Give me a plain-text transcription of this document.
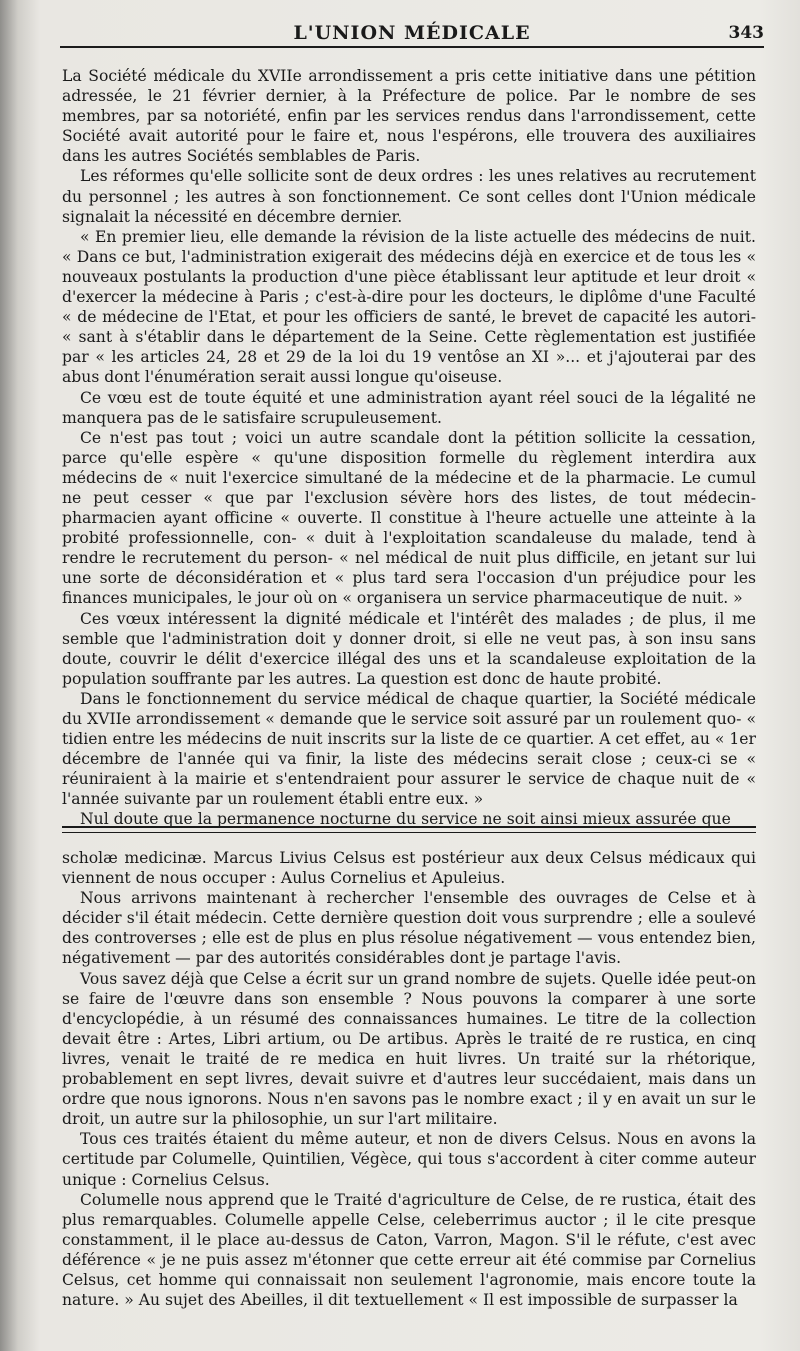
L'UNION MÉDICALE	343

La Société médicale du XVIIe arrondissement a pris cette initiative dans une pétition adressée, le 21 février dernier, à la Préfecture de police. Par le nombre de ses membres, par sa notoriété, enfin par les services rendus dans l'arrondissement, cette Société avait autorité pour le faire et, nous l'espérons, elle trouvera des auxiliaires dans les autres Sociétés semblables de Paris.

Les réformes qu'elle sollicite sont de deux ordres : les unes relatives au recrutement du personnel ; les autres à son fonctionnement. Ce sont celles dont l'Union médicale signalait la nécessité en décembre dernier.

« En premier lieu, elle demande la révision de la liste actuelle des médecins de nuit. « Dans ce but, l'administration exigerait des médecins déjà en exercice et de tous les « nouveaux postulants la production d'une pièce établissant leur aptitude et leur droit « d'exercer la médecine à Paris ; c'est-à-dire pour les docteurs, le diplôme d'une Faculté « de médecine de l'Etat, et pour les officiers de santé, le brevet de capacité les autori- « sant à s'établir dans le département de la Seine. Cette règlementation est justifiée par « les articles 24, 28 et 29 de la loi du 19 ventôse an XI »... et j'ajouterai par des abus dont l'énumération serait aussi longue qu'oiseuse.

Ce vœu est de toute équité et une administration ayant réel souci de la légalité ne manquera pas de le satisfaire scrupuleusement.

Ce n'est pas tout ; voici un autre scandale dont la pétition sollicite la cessation, parce qu'elle espère « qu'une disposition formelle du règlement interdira aux médecins de « nuit l'exercice simultané de la médecine et de la pharmacie. Le cumul ne peut cesser « que par l'exclusion sévère hors des listes, de tout médecin-pharmacien ayant officine « ouverte. Il constitue à l'heure actuelle une atteinte à la probité professionnelle, con- « duit à l'exploitation scandaleuse du malade, tend à rendre le recrutement du person- « nel médical de nuit plus difficile, en jetant sur lui une sorte de déconsidération et « plus tard sera l'occasion d'un préjudice pour les finances municipales, le jour où on « organisera un service pharmaceutique de nuit. »

Ces vœux intéressent la dignité médicale et l'intérêt des malades ; de plus, il me semble que l'administration doit y donner droit, si elle ne veut pas, à son insu sans doute, couvrir le délit d'exercice illégal des uns et la scandaleuse exploitation de la population souffrante par les autres. La question est donc de haute probité.

Dans le fonctionnement du service médical de chaque quartier, la Société médicale du XVIIe arrondissement « demande que le service soit assuré par un roulement quo- « tidien entre les médecins de nuit inscrits sur la liste de ce quartier. A cet effet, au « 1er décembre de l'année qui va finir, la liste des médecins serait close ; ceux-ci se « réuniraient à la mairie et s'entendraient pour assurer le service de chaque nuit de « l'année suivante par un roulement établi entre eux. »

Nul doute que la permanence nocturne du service ne soit ainsi mieux assurée que

scholæ medicinæ. Marcus Livius Celsus est postérieur aux deux Celsus médicaux qui viennent de nous occuper : Aulus Cornelius et Apuleius.

Nous arrivons maintenant à rechercher l'ensemble des ouvrages de Celse et à décider s'il était médecin. Cette dernière question doit vous surprendre ; elle a soulevé des controverses ; elle est de plus en plus résolue négativement — vous entendez bien, négativement — par des autorités considérables dont je partage l'avis.

Vous savez déjà que Celse a écrit sur un grand nombre de sujets. Quelle idée peut-on se faire de l'œuvre dans son ensemble ? Nous pouvons la comparer à une sorte d'encyclopédie, à un résumé des connaissances humaines. Le titre de la collection devait être : Artes, Libri artium, ou De artibus. Après le traité de re rustica, en cinq livres, venait le traité de re medica en huit livres. Un traité sur la rhétorique, probablement en sept livres, devait suivre et d'autres leur succédaient, mais dans un ordre que nous ignorons. Nous n'en savons pas le nombre exact ; il y en avait un sur le droit, un autre sur la philosophie, un sur l'art militaire.

Tous ces traités étaient du même auteur, et non de divers Celsus. Nous en avons la certitude par Columelle, Quintilien, Végèce, qui tous s'accordent à citer comme auteur unique : Cornelius Celsus.

Columelle nous apprend que le Traité d'agriculture de Celse, de re rustica, était des plus remarquables. Columelle appelle Celse, celeberrimus auctor ; il le cite presque constamment, il le place au-dessus de Caton, Varron, Magon. S'il le réfute, c'est avec déférence « je ne puis assez m'étonner que cette erreur ait été commise par Cornelius Celsus, cet homme qui connaissait non seulement l'agronomie, mais encore toute la nature. » Au sujet des Abeilles, il dit textuellement « Il est impossible de surpasser la
